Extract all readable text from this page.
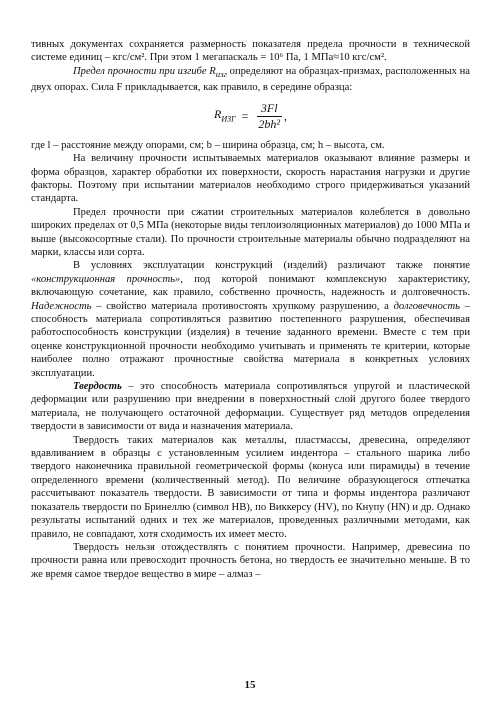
тивных документах сохраняется размерность показателя предела прочности в технической системе единиц – кгс/см². При этом 1 мегапаскаль = 10⁶ Па, 1 МПа≈10 кгс/см².

Предел прочности при изгибе $R_{изг}$ определяют на образцах-призмах, расположенных на двух опорах. Сила F прикладывается, как правило, в середине образца:

$R_{ИЗГ} = \frac{3Fl}{\text{2bh²}}$ ,

где l – расстояние между опорами, см; b – ширина образца, см; h – высота, см.

На величину прочности испытываемых материалов оказывают влияние размеры и форма образцов, характер обработки их поверхности, скорость нарастания нагрузки и другие факторы. Поэтому при испытании материалов необходимо строго придерживаться указаний стандарта.

Предел прочности при сжатии строительных материалов колеблется в довольно широких пределах от 0,5 МПа (некоторые виды теплоизоляционных материалов) до 1000 МПа и выше (высокосортные стали). По прочности строительные материалы обычно подразделяют на марки, классы или сорта.

В условиях эксплуатации конструкций (изделий) различают также понятие «конструкционная прочность», под которой понимают комплексную характеристику, включающую сочетание, как правило, собственно прочность, надежность и долговечность. Надежность – свойство материала противостоять хрупкому разрушению, а долговечность – способность материала сопротивляться развитию постепенного разрушения, обеспечивая работоспособность конструкции (изделия) в течение заданного времени. Вместе с тем при оценке конструкционной прочности необходимо учитывать и применять те критерии, которые наиболее полно отражают прочностные свойства материала в конкретных условиях эксплуатации.

Твердость – это способность материала сопротивляться упругой и пластической деформации или разрушению при внедрении в поверхностный слой другого более твердого материала, не получающего остаточной деформации. Существует ряд методов определения твердости в зависимости от вида и назначения материала.

Твердость таких материалов как металлы, пластмассы, древесина, определяют вдавливанием в образцы с установленным усилием индентора – стального шарика либо твердого наконечника правильной геометрической формы (конуса или пирамиды) в течение определенного времени (количественный метод). По величине образующегося отпечатка рассчитывают показатель твердости. В зависимости от типа и формы индентора различают показатель твердости по Бринеллю (символ НВ), по Виккерсу (HV), по Кнупу (HN) и др. Однако результаты испытаний одних и тех же материалов, проведенных различными методами, как правило, не совпадают, хотя сходимость их имеет место.

Твердость нельзя отождествлять с понятием прочности. Например, древесина по прочности равна или превосходит прочность бетона, но твердость ее значительно меньше. В то же время самое твердое вещество в мире – алмаз –

15
